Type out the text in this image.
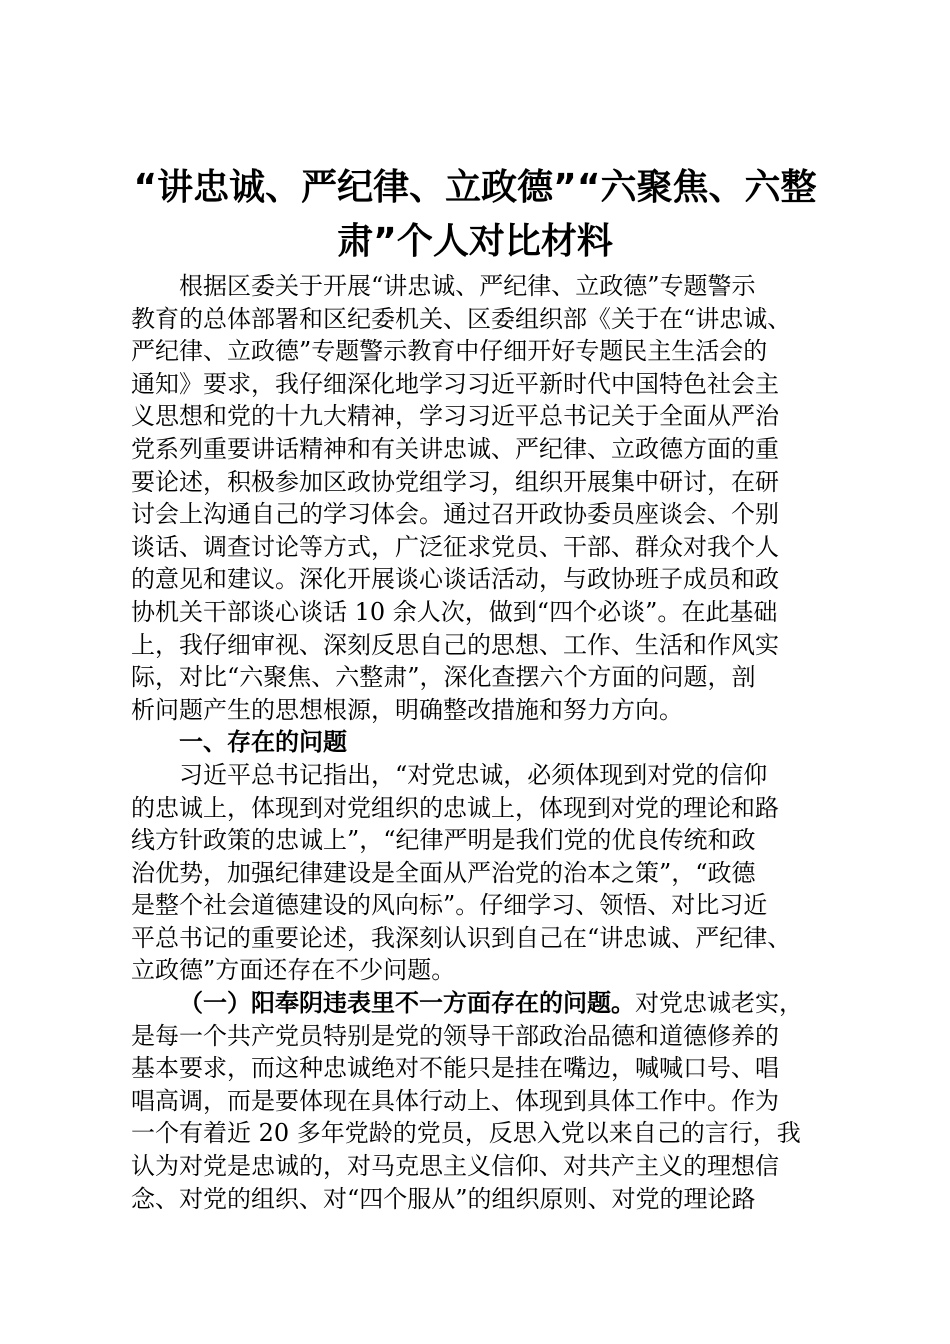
“讲忠诚、严纪律、立政德”“六聚焦、六整
肃”个人对比材料
根据区委关于开展“讲忠诚、严纪律、立政德”专题警示
教育的总体部署和区纪委机关、区委组织部《关于在“讲忠诚、
严纪律、立政德”专题警示教育中仔细开好专题民主生活会的
通知》要求，我仔细深化地学习习近平新时代中国特色社会主
义思想和党的十九大精神，学习习近平总书记关于全面从严治
党系列重要讲话精神和有关讲忠诚、严纪律、立政德方面的重
要论述，积极参加区政协党组学习，组织开展集中研讨，在研
讨会上沟通自己的学习体会。通过召开政协委员座谈会、个别
谈话、调查讨论等方式，广泛征求党员、干部、群众对我个人
的意见和建议。深化开展谈心谈话活动，与政协班子成员和政
协机关干部谈心谈话 10 余人次，做到“四个必谈”。在此基础
上，我仔细审视、深刻反思自己的思想、工作、生活和作风实
际，对比“六聚焦、六整肃”，深化查摆六个方面的问题，剖
析问题产生的思想根源，明确整改措施和努力方向。
一、存在的问题
习近平总书记指出，“对党忠诚，必须体现到对党的信仰
的忠诚上，体现到对党组织的忠诚上，体现到对党的理论和路
线方针政策的忠诚上”，“纪律严明是我们党的优良传统和政
治优势，加强纪律建设是全面从严治党的治本之策”，“政德
是整个社会道德建设的风向标”。仔细学习、领悟、对比习近
平总书记的重要论述，我深刻认识到自己在“讲忠诚、严纪律、
立政德”方面还存在不少问题。
（一）阳奉阴违表里不一方面存在的问题。对党忠诚老实，
是每一个共产党员特别是党的领导干部政治品德和道德修养的
基本要求，而这种忠诚绝对不能只是挂在嘴边，喊喊口号、唱
唱高调，而是要体现在具体行动上、体现到具体工作中。作为
一个有着近 20 多年党龄的党员，反思入党以来自己的言行，我
认为对党是忠诚的，对马克思主义信仰、对共产主义的理想信
念、对党的组织、对“四个服从”的组织原则、对党的理论路
